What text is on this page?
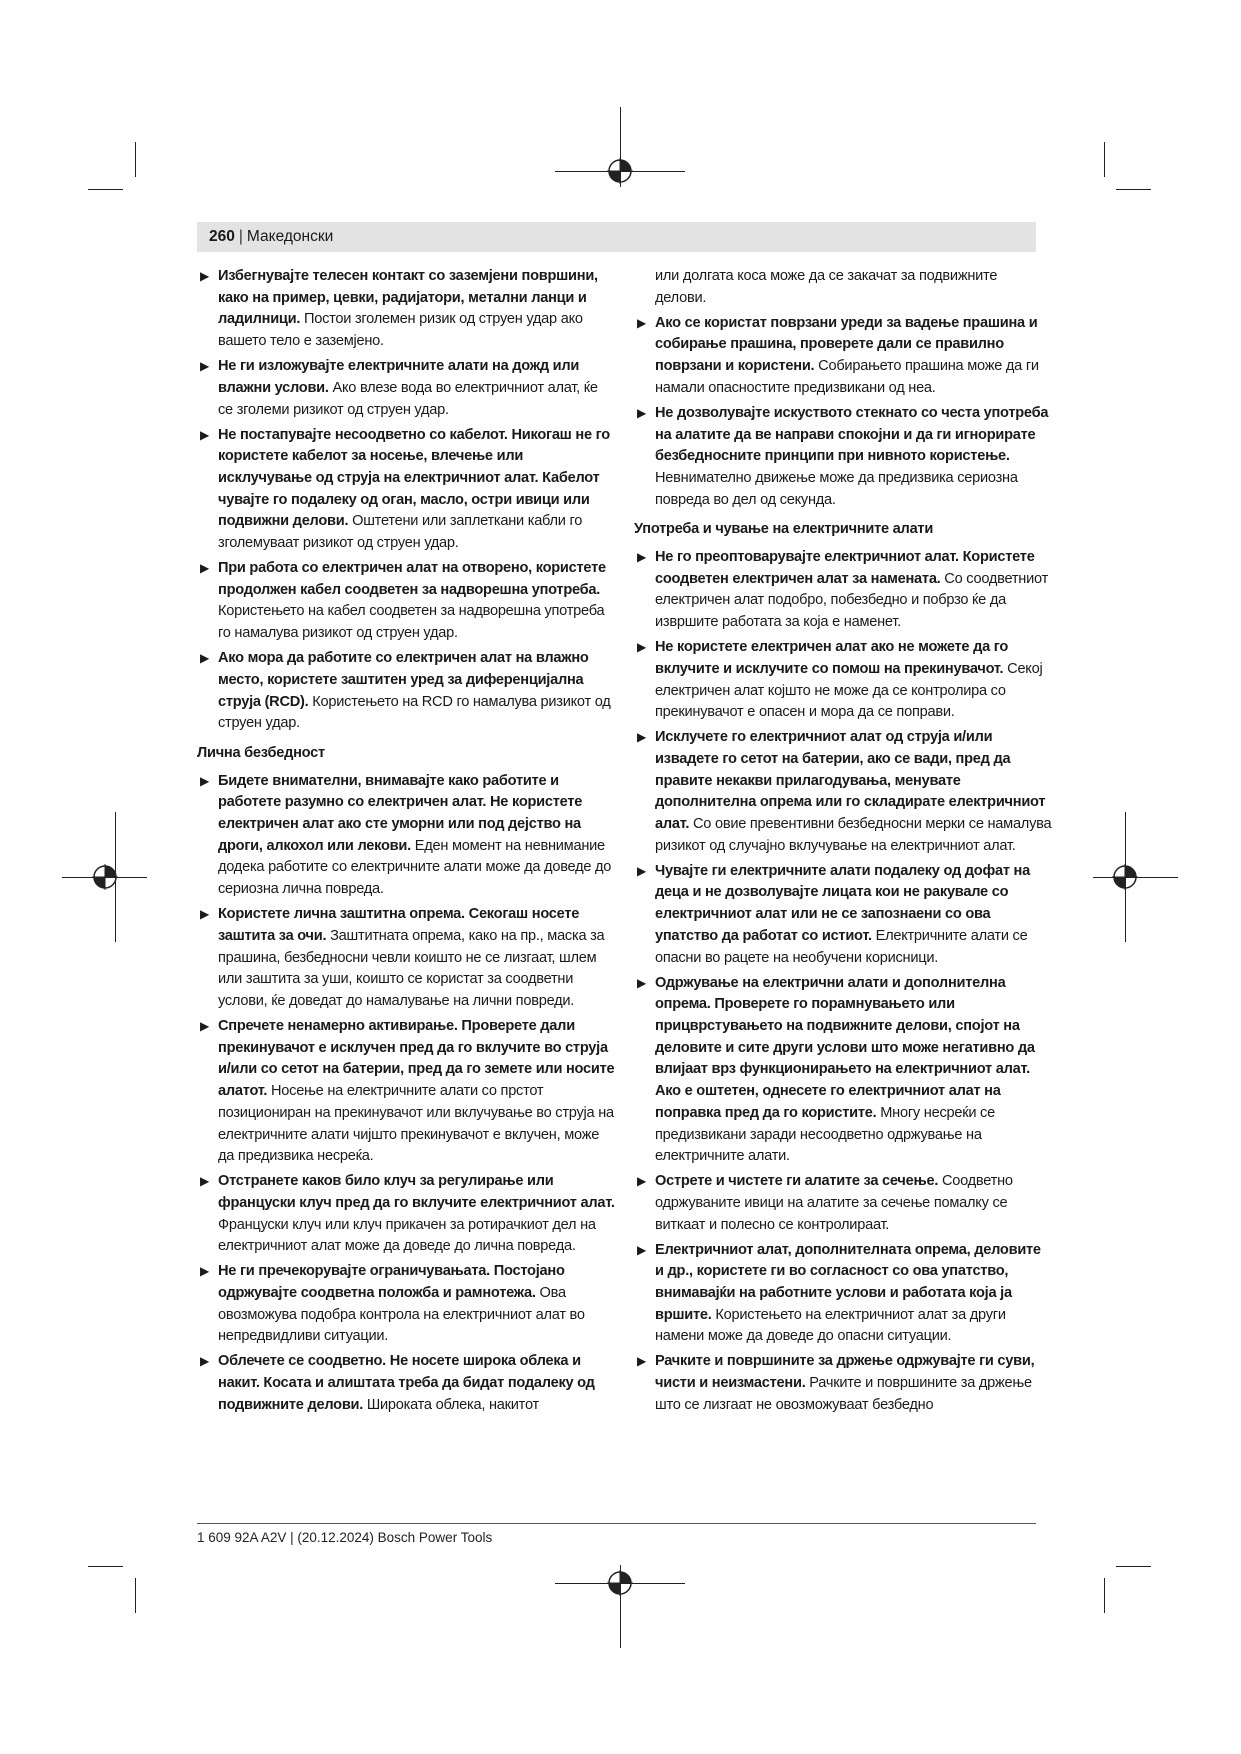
260 | Македонски
▶ Избегнувајте телесен контакт со заземјени површини, како на пример, цевки, радијатори, метални ланци и ладилници. Постои зголемен ризик од струен удар ако вашето тело е заземјено.
▶ Не ги изложувајте електричните алати на дожд или влажни услови. Ако влезе вода во електричниот алат, ќе се зголеми ризикот од струен удар.
▶ Не постапувајте несоодветно со кабелот. Никогаш не го користете кабелот за носење, влечење или исклучување од струја на електричниот алат. Кабелот чувајте го подалеку од оган, масло, остри ивици или подвижни делови. Оштетени или заплеткани кабли го зголемуваат ризикот од струен удар.
▶ При работа со електричен алат на отворено, користете продолжен кабел соодветен за надворешна употреба. Користењето на кабел соодветен за надворешна употреба го намалува ризикот од струен удар.
▶ Ако мора да работите со електричен алат на влажно место, користете заштитен уред за диференцијална струја (RCD). Користењето на RCD го намалува ризикот од струен удар.
Лична безбедност
▶ Бидете внимателни, внимавајте како работите и работете разумно со електричен алат. Не користете електричен алат ако сте уморни или под дејство на дроги, алкохол или лекови. Еден момент на невнимание додека работите со електричните алати може да доведе до сериозна лична повреда.
▶ Користете лична заштитна опрема. Секогаш носете заштита за очи. Заштитната опрема, како на пр., маска за прашина, безбедносни чевли коишто не се лизгаат, шлем или заштита за уши, коишто се користат за соодветни услови, ќе доведат до намалување на лични повреди.
▶ Спречете ненамерно активирање. Проверете дали прекинувачот е исклучен пред да го вклучите во струја и/или со сетот на батерии, пред да го земете или носите алатот. Носење на електричните алати со прстот позициониран на прекинувачот или вклучување во струја на електричните алати чијшто прекинувачот е вклучен, може да предизвика несреќа.
▶ Отстранете каков било клуч за регулирање или француски клуч пред да го вклучите електричниот алат. Француски клуч или клуч прикачен за ротирачкиот дел на електричниот алат може да доведе до лична повреда.
▶ Не ги пречекорувајте ограничувањата. Постојано одржувајте соодветна положба и рамнотежа. Ова овозможува подобра контрола на електричниот алат во непредвидливи ситуации.
▶ Облечете се соодветно. Не носете широка облека и накит. Косата и алиштата треба да бидат подалеку од подвижните делови. Широката облека, накитот
или долгата коса може да се закачат за подвижните делови.
▶ Ако се користат поврзани уреди за вадење прашина и собирање прашина, проверете дали се правилно поврзани и користени. Собирањето прашина може да ги намали опасностите предизвикани од неа.
▶ Не дозволувајте искуството стекнато со честа употреба на алатите да ве направи спокојни и да ги игнорирате безбедносните принципи при нивното користење. Невнимателно движење може да предизвика сериозна повреда во дел од секунда.
Употреба и чување на електричните алати
▶ Не го преоптоварувајте електричниот алат. Користете соодветен електричен алат за намената. Со соодветниот електричен алат подобро, побезбедно и побрзо ќе да извршите работата за која е наменет.
▶ Не користете електричен алат ако не можете да го вклучите и исклучите со помош на прекинувачот. Секој електричен алат којшто не може да се контролира со прекинувачот е опасен и мора да се поправи.
▶ Исклучете го електричниот алат од струја и/или извадете го сетот на батерии, ако се вади, пред да правите некакви прилагодувања, менувате дополнителна опрема или го складирате електричниот алат. Со овие превентивни безбедносни мерки се намалува ризикот од случајно вклучување на електричниот алат.
▶ Чувајте ги електричните алати подалеку од дофат на деца и не дозволувајте лицата кои не ракувале со електричниот алат или не се запознаени со ова упатство да работат со истиот. Електричните алати се опасни во рацете на необучени корисници.
▶ Одржување на електрични алати и дополнителна опрема. Проверете го порамнувањето или прицврстувањето на подвижните делови, спојот на деловите и сите други услови што може негативно да влијаат врз функционирањето на електричниот алат. Ако е оштетен, однесете го електричниот алат на поправка пред да го користите. Многу несреќи се предизвикани заради несоодветно одржување на електричните алати.
▶ Острете и чистете ги алатите за сечење. Соодветно одржуваните ивици на алатите за сечење помалку се виткаат и полесно се контролираат.
▶ Електричниот алат, дополнителната опрема, деловите и др., користете ги во согласност со ова упатство, внимавајќи на работните услови и работата која ја вршите. Користењето на електричниот алат за други намени може да доведе до опасни ситуации.
▶ Рачките и површините за држење одржувајте ги суви, чисти и неизмастени. Рачките и површините за држење што се лизгаат не овозможуваат безбедно
1 609 92A A2V | (20.12.2024) Bosch Power Tools
